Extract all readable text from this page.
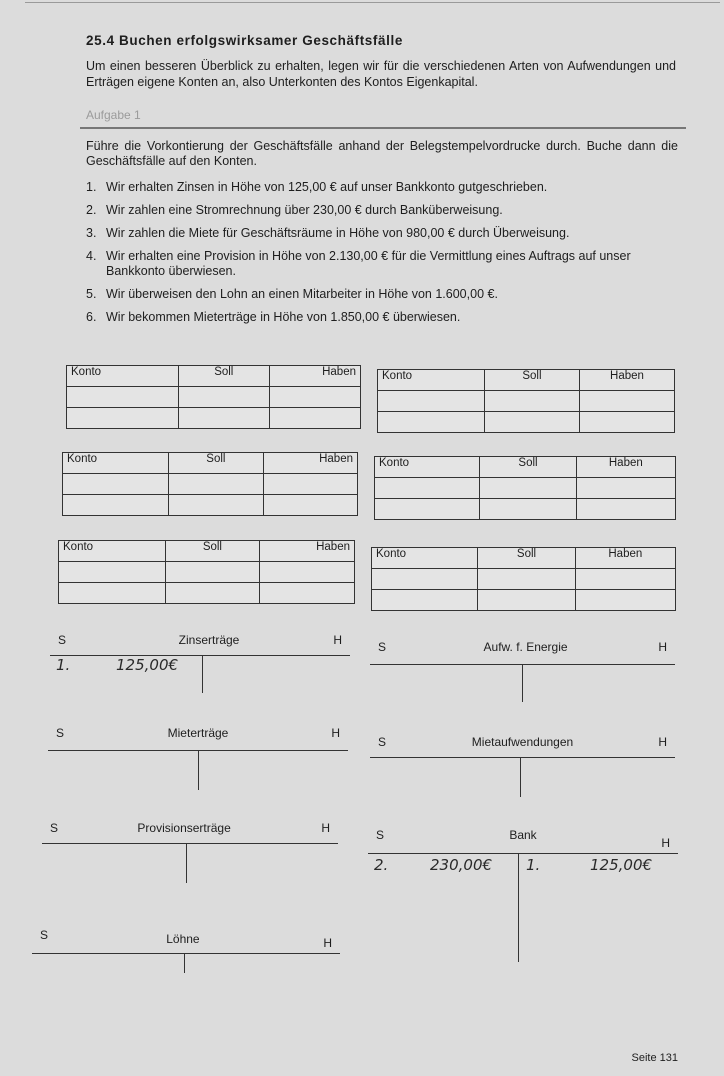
25.4 Buchen erfolgswirksamer Geschäftsfälle
Um einen besseren Überblick zu erhalten, legen wir für die verschiedenen Arten von Aufwendungen und Erträgen eigene Konten an, also Unterkonten des Kontos Eigenkapital.
Aufgabe 1
Führe die Vorkontierung der Geschäftsfälle anhand der Belegstempelvordrucke durch. Buche dann die Geschäftsfälle auf den Konten.
1. Wir erhalten Zinsen in Höhe von 125,00 € auf unser Bankkonto gutgeschrieben.
2. Wir zahlen eine Stromrechnung über 230,00 € durch Banküberweisung.
3. Wir zahlen die Miete für Geschäftsräume in Höhe von 980,00 € durch Überweisung.
4. Wir erhalten eine Provision in Höhe von 2.130,00 € für die Vermittlung eines Auftrags auf unser Bankkonto überwiesen.
5. Wir überweisen den Lohn an einen Mitarbeiter in Höhe von 1.600,00 €.
6. Wir bekommen Mieterträge in Höhe von 1.850,00 € überwiesen.
Konto	Soll	Haben

		Konto	Soll	Haben

Konto	Soll	Haben

		Konto	Soll	Haben

Konto	Soll	Haben

Konto	Soll	Haben

S	Zinserträge	H
1.	125,00€
S	Aufw. f. Energie	H
S	Mieterträge	H
S	Mietaufwendungen	H
S	Provisionserträge	H	S	Bank
H
2.	230,00€ 1.	125,00€
S	Löhne	H
Seite 131
